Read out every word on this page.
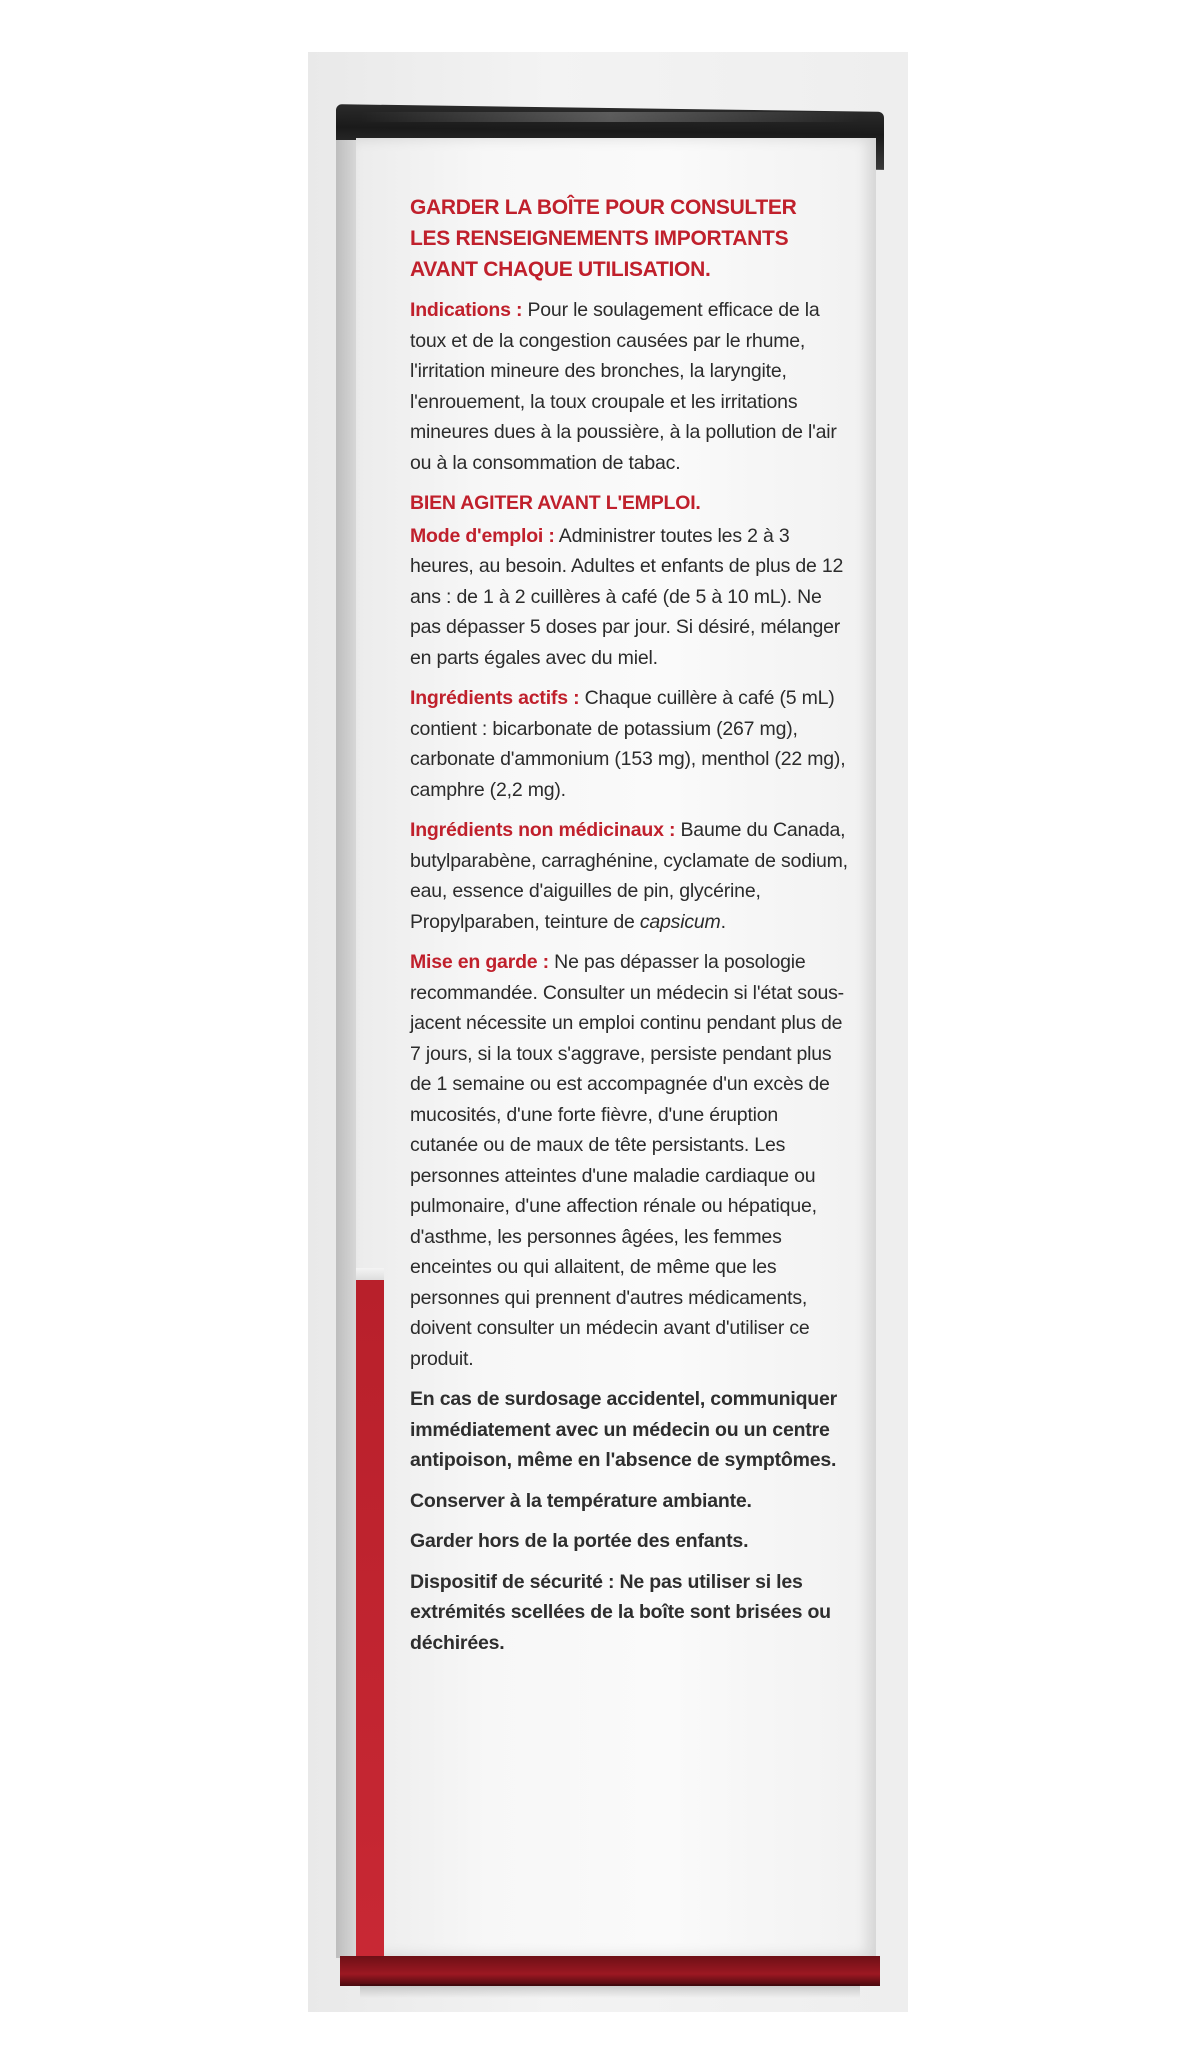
GARDER LA BOÎTE POUR CONSULTER
LES RENSEIGNEMENTS IMPORTANTS
AVANT CHAQUE UTILISATION.
Indications : Pour le soulagement efficace de la toux et de la congestion causées par le rhume, l'irritation mineure des bronches, la laryngite, l'enrouement, la toux croupale et les irritations mineures dues à la poussière, à la pollution de l'air ou à la consommation de tabac.
BIEN AGITER AVANT L'EMPLOI.
Mode d'emploi : Administrer toutes les 2 à 3 heures, au besoin. Adultes et enfants de plus de 12 ans : de 1 à 2 cuillères à café (de 5 à 10 mL). Ne pas dépasser 5 doses par jour. Si désiré, mélanger en parts égales avec du miel.
Ingrédients actifs : Chaque cuillère à café (5 mL) contient : bicarbonate de potassium (267 mg), carbonate d'ammonium (153 mg), menthol (22 mg), camphre (2,2 mg).
Ingrédients non médicinaux : Baume du Canada, butylparabène, carraghénine, cyclamate de sodium, eau, essence d'aiguilles de pin, glycérine, Propylparaben, teinture de capsicum.
Mise en garde : Ne pas dépasser la posologie recommandée. Consulter un médecin si l'état sous-jacent nécessite un emploi continu pendant plus de 7 jours, si la toux s'aggrave, persiste pendant plus de 1 semaine ou est accompagnée d'un excès de mucosités, d'une forte fièvre, d'une éruption cutanée ou de maux de tête persistants. Les personnes atteintes d'une maladie cardiaque ou pulmonaire, d'une affection rénale ou hépatique, d'asthme, les personnes âgées, les femmes enceintes ou qui allaitent, de même que les personnes qui prennent d'autres médicaments, doivent consulter un médecin avant d'utiliser ce produit.
En cas de surdosage accidentel, communiquer immédiatement avec un médecin ou un centre antipoison, même en l'absence de symptômes.
Conserver à la température ambiante.
Garder hors de la portée des enfants.
Dispositif de sécurité : Ne pas utiliser si les extrémités scellées de la boîte sont brisées ou déchirées.
